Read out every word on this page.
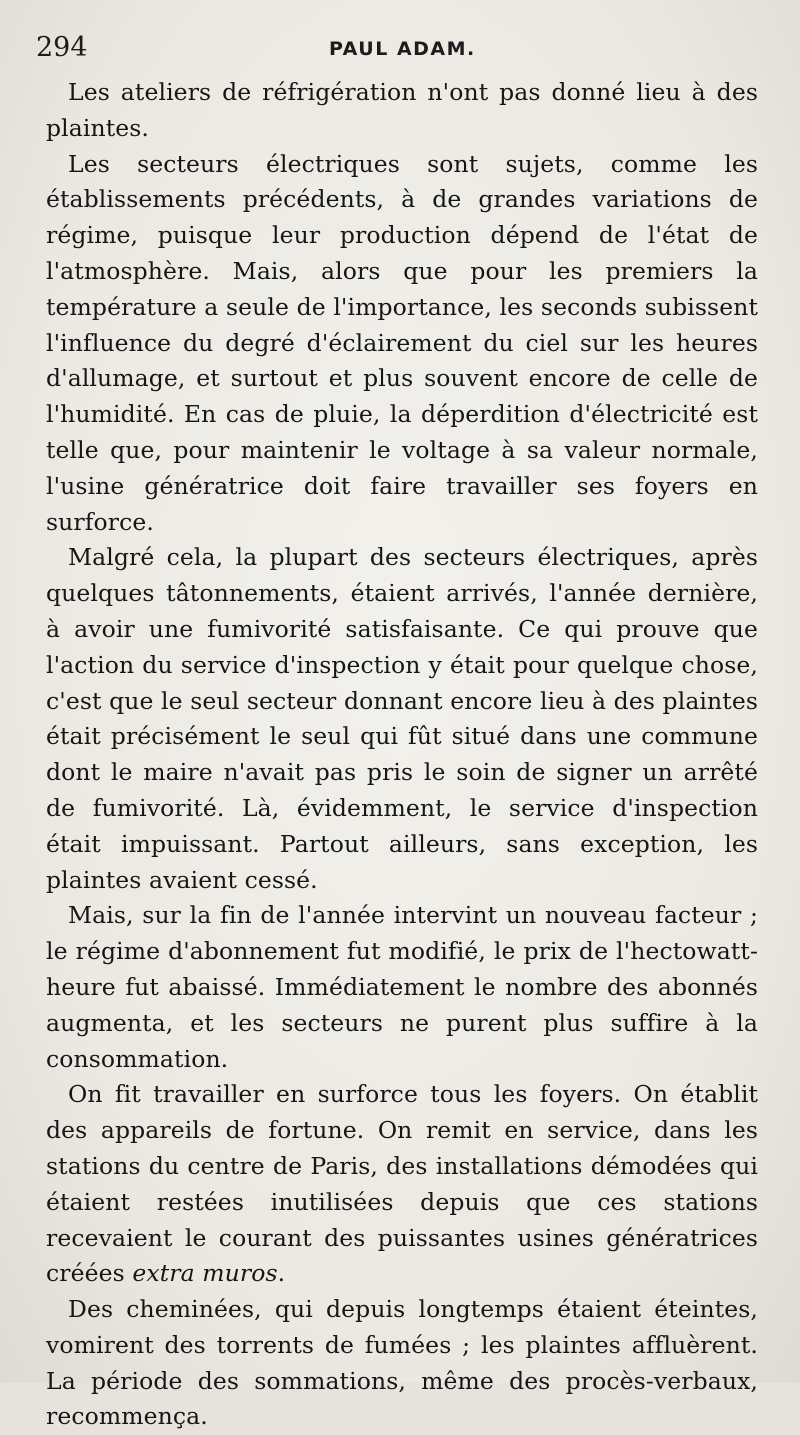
294	PAUL ADAM.

Les ateliers de réfrigération n'ont pas donné lieu à des plaintes.

Les secteurs électriques sont sujets, comme les établissements précédents, à de grandes variations de régime, puisque leur production dépend de l'état de l'atmosphère. Mais, alors que pour les premiers la température a seule de l'importance, les seconds subissent l'influence du degré d'éclairement du ciel sur les heures d'allumage, et surtout et plus souvent encore de celle de l'humidité. En cas de pluie, la déperdition d'électricité est telle que, pour maintenir le voltage à sa valeur normale, l'usine génératrice doit faire travailler ses foyers en surforce.

Malgré cela, la plupart des secteurs électriques, après quelques tâtonnements, étaient arrivés, l'année dernière, à avoir une fumivorité satisfaisante. Ce qui prouve que l'action du service d'inspection y était pour quelque chose, c'est que le seul secteur donnant encore lieu à des plaintes était précisément le seul qui fût situé dans une commune dont le maire n'avait pas pris le soin de signer un arrêté de fumivorité. Là, évidemment, le service d'inspection était impuissant. Partout ailleurs, sans exception, les plaintes avaient cessé.

Mais, sur la fin de l'année intervint un nouveau facteur ; le régime d'abonnement fut modifié, le prix de l'hectowatt-heure fut abaissé. Immédiatement le nombre des abonnés augmenta, et les secteurs ne purent plus suffire à la consommation.

On fit travailler en surforce tous les foyers. On établit des appareils de fortune. On remit en service, dans les stations du centre de Paris, des installations démodées qui étaient restées inutilisées depuis que ces stations recevaient le courant des puissantes usines génératrices créées extra muros.

Des cheminées, qui depuis longtemps étaient éteintes, vomirent des torrents de fumées ; les plaintes affluèrent. La période des sommations, même des procès-verbaux, recommença.
